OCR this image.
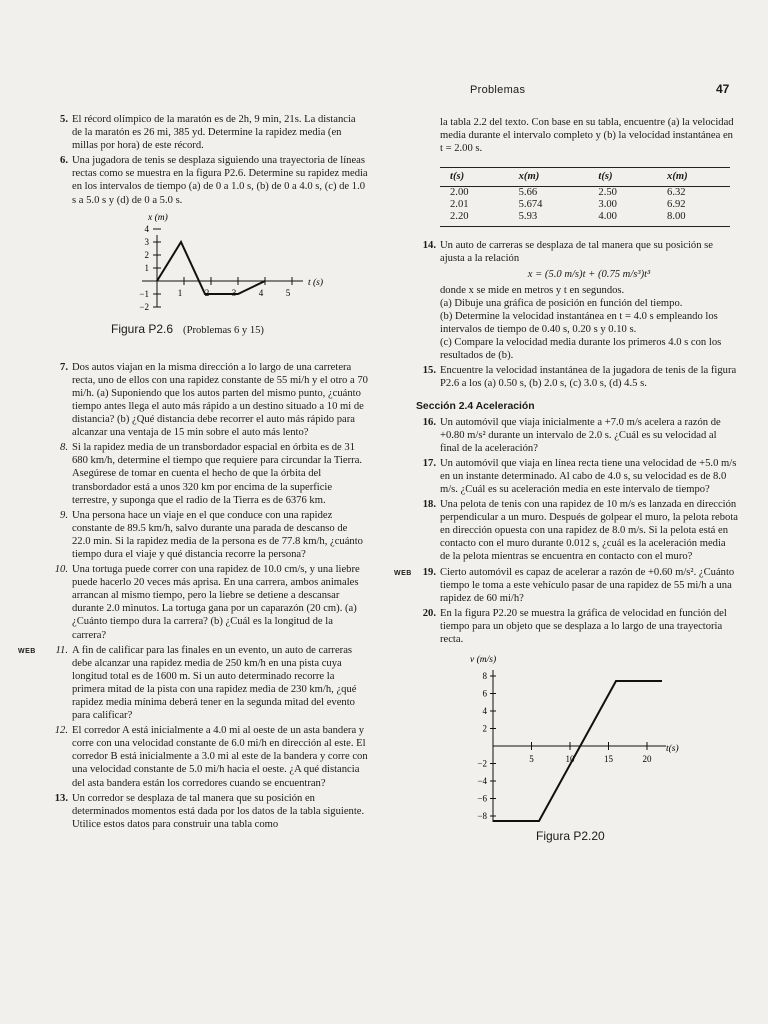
Problemas	47
5. El récord olímpico de la maratón es de 2h, 9 min, 21s. La distancia de la maratón es 26 mi, 385 yd. Determine la rapidez media (en millas por hora) de este récord.
6. Una jugadora de tenis se desplaza siguiendo una trayectoria de líneas rectas como se muestra en la figura P2.6. Determine su rapidez media en los intervalos de tiempo (a) de 0 a 1.0 s, (b) de 0 a 4.0 s, (c) de 1.0 s a 5.0 s y (d) de 0 a 5.0 s.
x (m)
4
3
2
1
−1
−2
1	2	3	4	5
t (s)
Figura P2.6 (Problemas 6 y 15)
7. Dos autos viajan en la misma dirección a lo largo de una carretera recta, uno de ellos con una rapidez constante de 55 mi/h y el otro a 70 mi/h. (a) Suponiendo que los autos parten del mismo punto, ¿cuánto tiempo antes llega el auto más rápido a un destino situado a 10 mi de distancia? (b) ¿Qué distancia debe recorrer el auto más rápido para alcanzar una ventaja de 15 min sobre el auto más lento?
8. Si la rapidez media de un transbordador espacial en órbita es de 31 680 km/h, determine el tiempo que requiere para circundar la Tierra. Asegúrese de tomar en cuenta el hecho de que la órbita del transbordador está a unos 320 km por encima de la superficie terrestre, y suponga que el radio de la Tierra es de 6376 km.
9. Una persona hace un viaje en el que conduce con una rapidez constante de 89.5 km/h, salvo durante una parada de descanso de 22.0 min. Si la rapidez media de la persona es de 77.8 km/h, ¿cuánto tiempo dura el viaje y qué distancia recorre la persona?
10. Una tortuga puede correr con una rapidez de 10.0 cm/s, y una liebre puede hacerlo 20 veces más aprisa. En una carrera, ambos animales arrancan al mismo tiempo, pero la liebre se detiene a descansar durante 2.0 minutos. La tortuga gana por un caparazón (20 cm). (a) ¿Cuánto tiempo dura la carrera? (b) ¿Cuál es la longitud de la carrera?
WEB	11. A fin de calificar para las finales en un evento, un auto de carreras debe alcanzar una rapidez media de 250 km/h en una pista cuya longitud total es de 1600 m. Si un auto determinado recorre la primera mitad de la pista con una rapidez media de 230 km/h, ¿qué rapidez media mínima deberá tener en la segunda mitad del evento para calificar?
12. El corredor A está inicialmente a 4.0 mi al oeste de un asta bandera y corre con una velocidad constante de 6.0 mi/h en dirección al este. El corredor B está inicialmente a 3.0 mi al este de la bandera y corre con una velocidad constante de 5.0 mi/h hacia el oeste. ¿A qué distancia del asta bandera están los corredores cuando se encuentran?
13. Un corredor se desplaza de tal manera que su posición en determinados momentos está dada por los datos de la tabla siguiente. Utilice estos datos para construir una tabla como
la tabla 2.2 del texto. Con base en su tabla, encuentre (a) la velocidad media durante el intervalo completo y (b) la velocidad instantánea en t = 2.00 s.
t(s)	x(m)	t(s)	x(m)
2.00	5.66	2.50	6.32
2.01	5.674	3.00	6.92
2.20	5.93	4.00	8.00
14. Un auto de carreras se desplaza de tal manera que su posición se ajusta a la relación
x = (5.0 m/s)t + (0.75 m/s³)t³
donde x se mide en metros y t en segundos.
(a) Dibuje una gráfica de posición en función del tiempo.
(b) Determine la velocidad instantánea en t = 4.0 s empleando los intervalos de tiempo de 0.40 s, 0.20 s y 0.10 s.
(c) Compare la velocidad media durante los primeros 4.0 s con los resultados de (b).
15. Encuentre la velocidad instantánea de la jugadora de tenis de la figura P2.6 a los (a) 0.50 s, (b) 2.0 s, (c) 3.0 s, (d) 4.5 s.
Sección 2.4 Aceleración
16. Un automóvil que viaja inicialmente a +7.0 m/s acelera a razón de +0.80 m/s² durante un intervalo de 2.0 s. ¿Cuál es su velocidad al final de la aceleración?
17. Un automóvil que viaja en línea recta tiene una velocidad de +5.0 m/s en un instante determinado. Al cabo de 4.0 s, su velocidad es de 8.0 m/s. ¿Cuál es su aceleración media en este intervalo de tiempo?
18. Una pelota de tenis con una rapidez de 10 m/s es lanzada en dirección perpendicular a un muro. Después de golpear el muro, la pelota rebota en dirección opuesta con una rapidez de 8.0 m/s. Si la pelota está en contacto con el muro durante 0.012 s, ¿cuál es la aceleración media de la pelota mientras se encuentra en contacto con el muro?
WEB	19. Cierto automóvil es capaz de acelerar a razón de +0.60 m/s². ¿Cuánto tiempo le toma a este vehículo pasar de una rapidez de 55 mi/h a una rapidez de 60 mi/h?
20. En la figura P2.20 se muestra la gráfica de velocidad en función del tiempo para un objeto que se desplaza a lo largo de una trayectoria recta.
v (m/s)
8
6
4
2
−2
−4
−6
−8
5	10	15	20
t(s)
Figura P2.20
